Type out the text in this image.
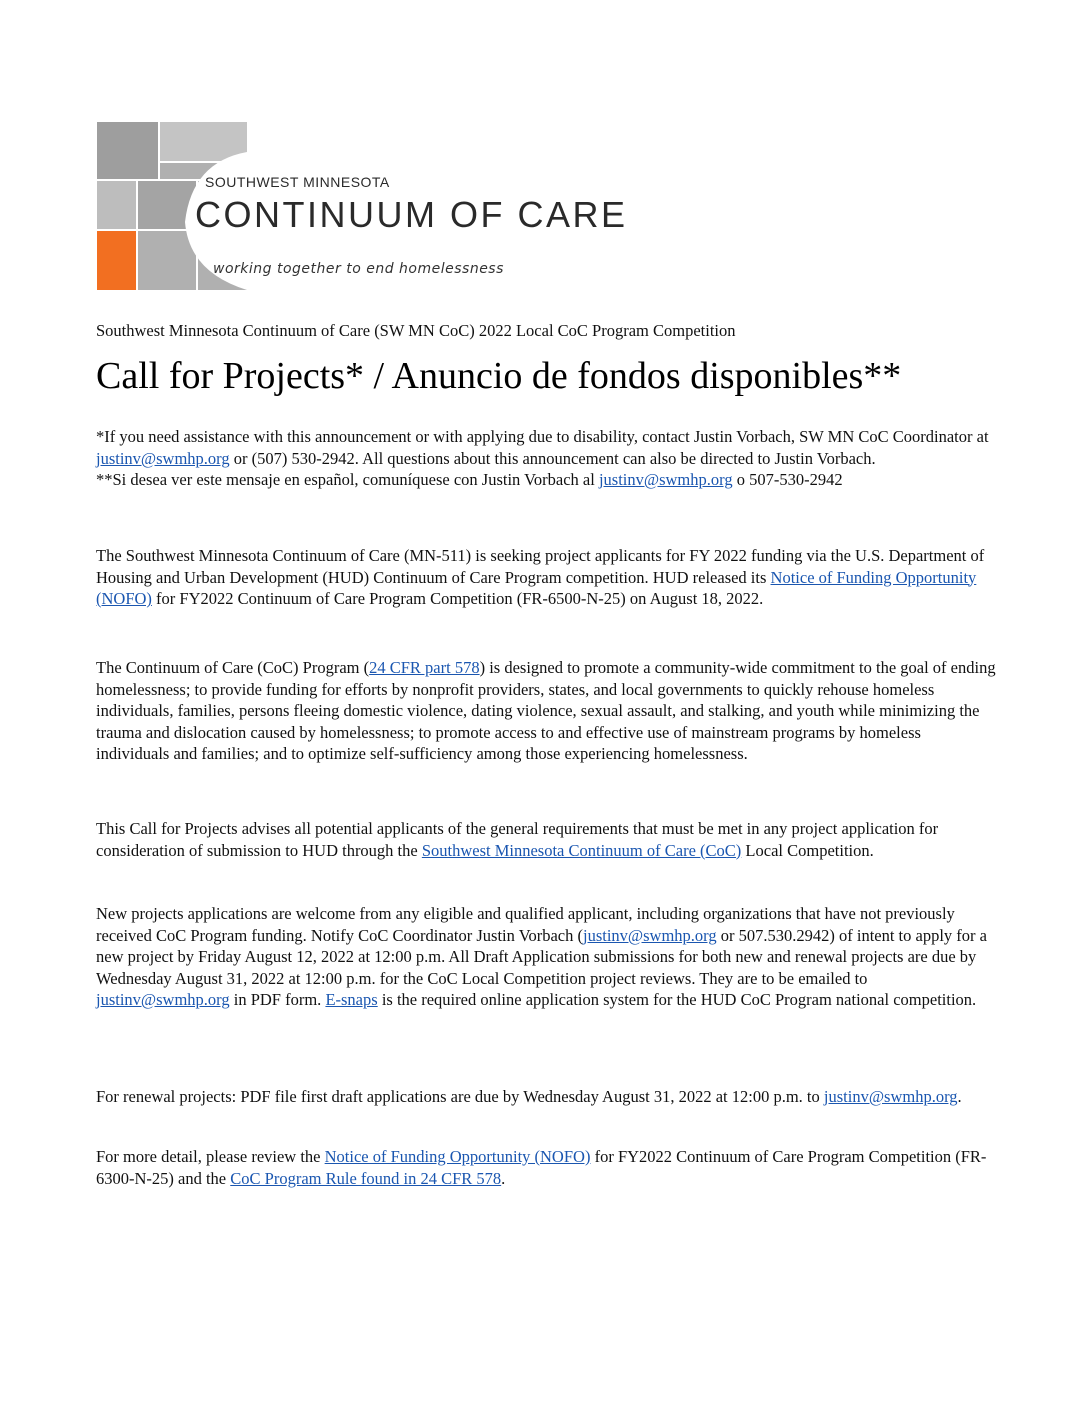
SOUTHWEST MINNESOTA
CONTINUUM OF CARE
working together to end homelessness
Southwest Minnesota Continuum of Care (SW MN CoC) 2022 Local CoC Program Competition
Call for Projects* / Anuncio de fondos disponibles**

*If you need assistance with this announcement or with applying due to disability, contact Justin Vorbach, SW MN CoC Coordinator at justinv@swmhp.org or (507) 530-2942. All questions about this announcement can also be directed to Justin Vorbach.

**Si desea ver este mensaje en español, comuníquese con Justin Vorbach al justinv@swmhp.org o 507-530-2942

The Southwest Minnesota Continuum of Care (MN-511) is seeking project applicants for FY 2022 funding via the U.S. Department of Housing and Urban Development (HUD) Continuum of Care Program competition. HUD released its Notice of Funding Opportunity (NOFO) for FY2022 Continuum of Care Program Competition (FR-6500-N-25) on August 18, 2022.

The Continuum of Care (CoC) Program (24 CFR part 578) is designed to promote a community-wide commitment to the goal of ending homelessness; to provide funding for efforts by nonprofit providers, states, and local governments to quickly rehouse homeless individuals, families, persons fleeing domestic violence, dating violence, sexual assault, and stalking, and youth while minimizing the trauma and dislocation caused by homelessness; to promote access to and effective use of mainstream programs by homeless individuals and families; and to optimize self-sufficiency among those experiencing homelessness.

This Call for Projects advises all potential applicants of the general requirements that must be met in any project application for consideration of submission to HUD through the Southwest Minnesota Continuum of Care (CoC) Local Competition.

New projects applications are welcome from any eligible and qualified applicant, including organizations that have not previously received CoC Program funding. Notify CoC Coordinator Justin Vorbach (justinv@swmhp.org or 507.530.2942) of intent to apply for a new project by Friday August 12, 2022 at 12:00 p.m. All Draft Application submissions for both new and renewal projects are due by Wednesday August 31, 2022 at 12:00 p.m. for the CoC Local Competition project reviews. They are to be emailed to justinv@swmhp.org in PDF form. E-snaps is the required online application system for the HUD CoC Program national competition.

For renewal projects: PDF file first draft applications are due by Wednesday August 31, 2022 at 12:00 p.m. to justinv@swmhp.org.

For more detail, please review the Notice of Funding Opportunity (NOFO) for FY2022 Continuum of Care Program Competition (FR-6300-N-25) and the CoC Program Rule found in 24 CFR 578.
